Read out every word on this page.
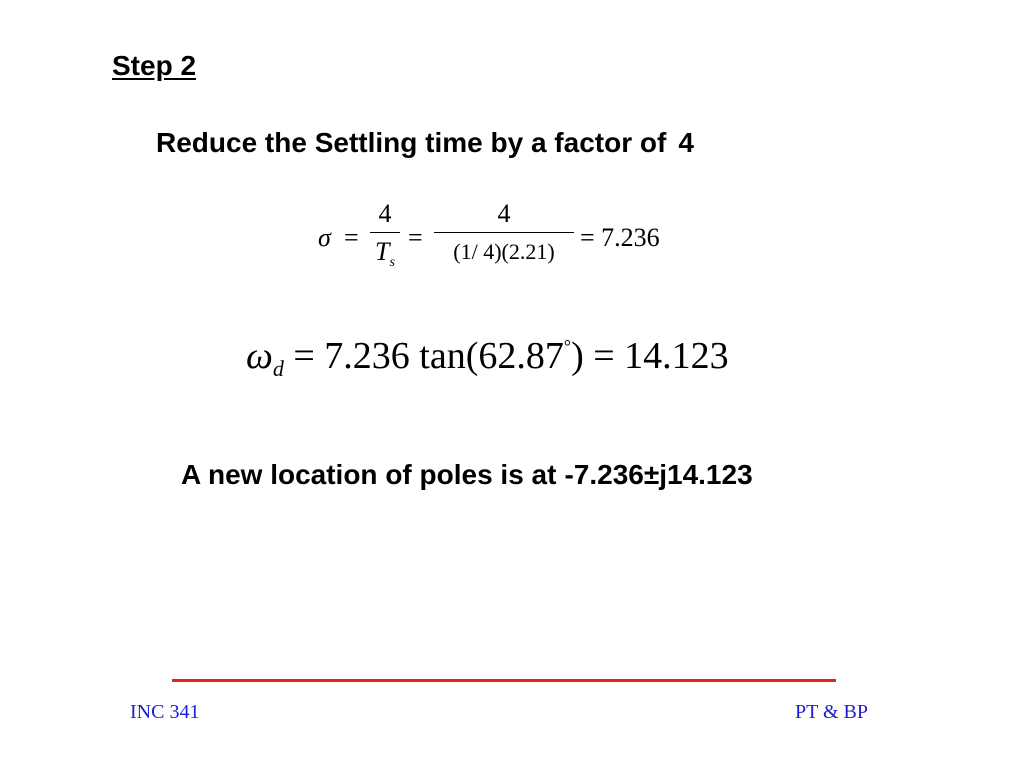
Step 2

Reduce the Settling time by a factor of 4

σ =
4
$T_s$
=
4
(1/ 4)(2.21) = 7.236
$\omega_d = 7.236$ tan(62.87°) = 14.123

A new location of poles is at -7.236±j14.123

INC 341	PT & BP
